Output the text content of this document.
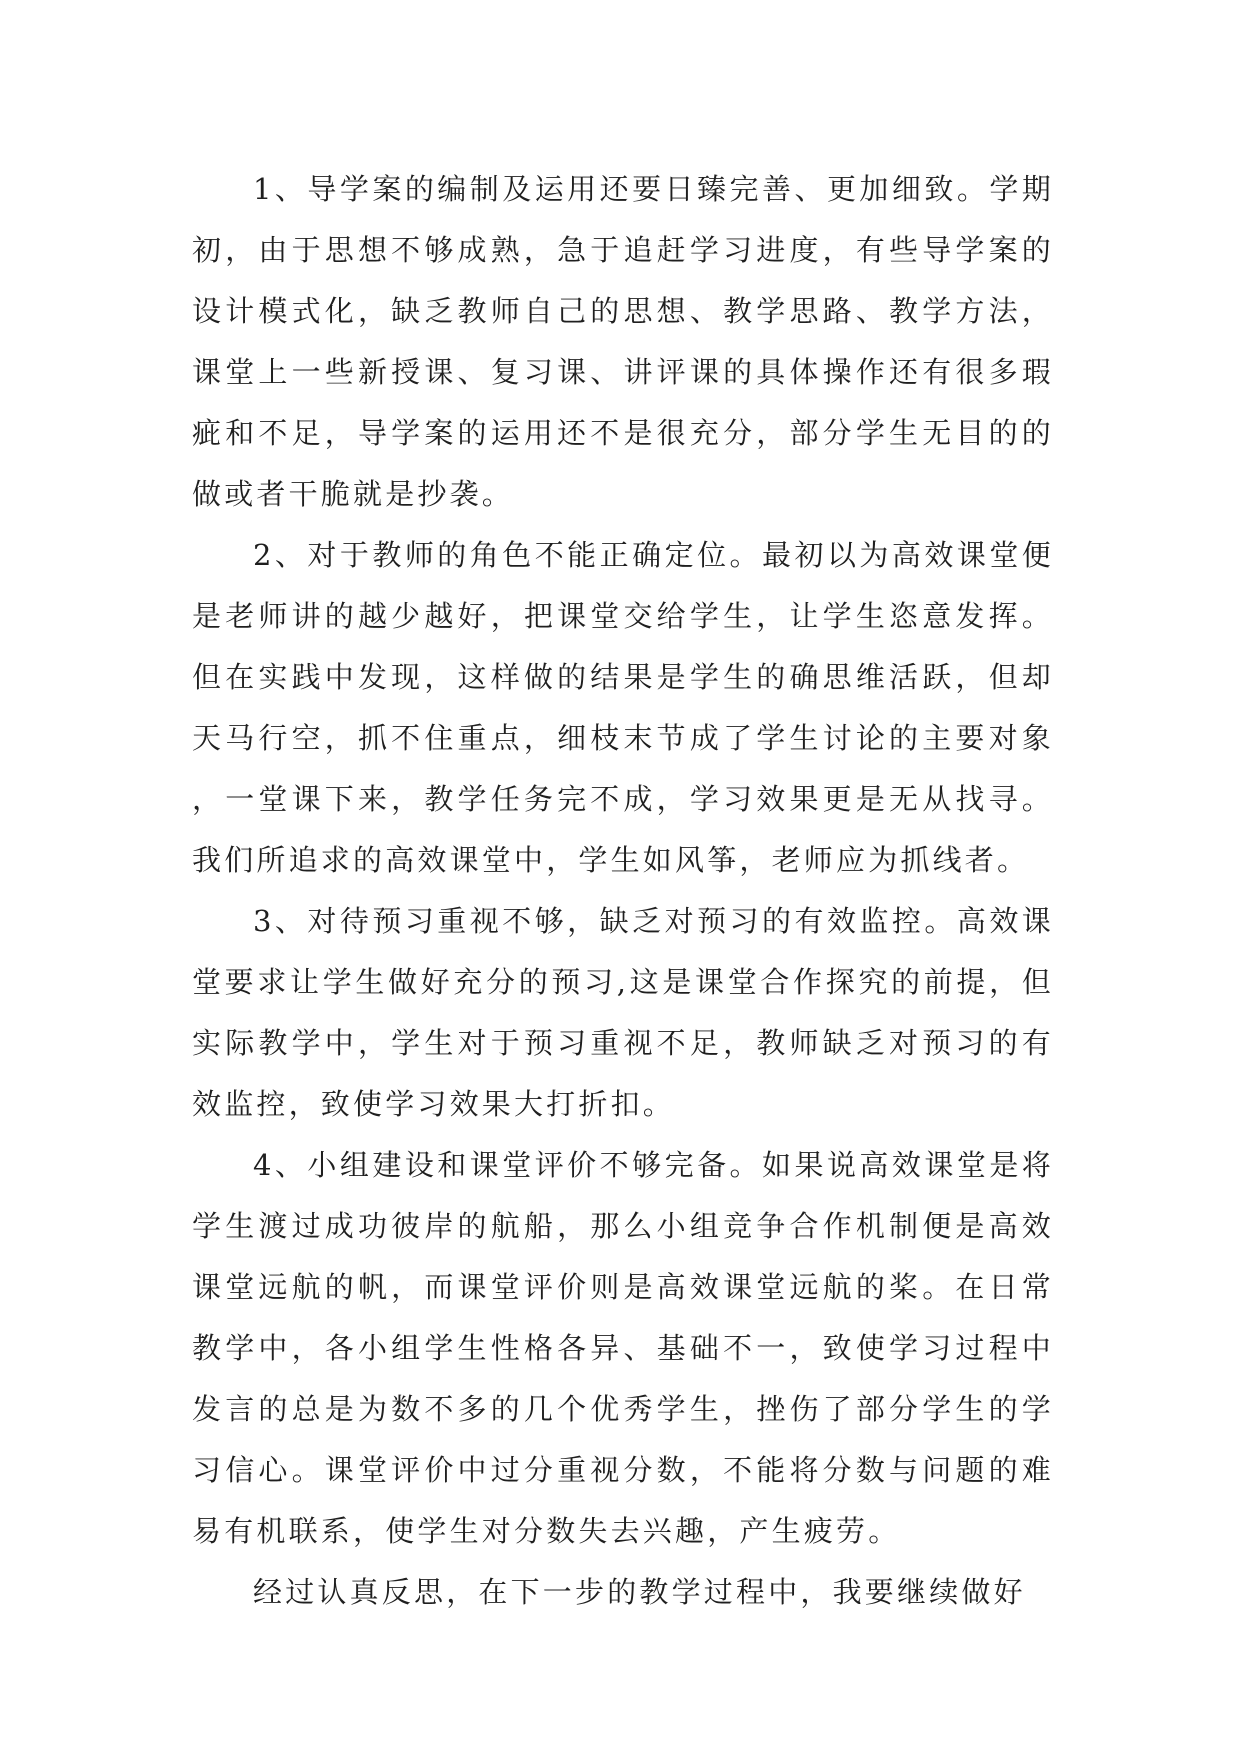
1、导学案的编制及运用还要日臻完善、更加细致。学期初，由于思想不够成熟，急于追赶学习进度，有些导学案的设计模式化，缺乏教师自己的思想、教学思路、教学方法，课堂上一些新授课、复习课、讲评课的具体操作还有很多瑕疵和不足，导学案的运用还不是很充分，部分学生无目的的做或者干脆就是抄袭。

2、对于教师的角色不能正确定位。最初以为高效课堂便是老师讲的越少越好，把课堂交给学生，让学生恣意发挥。但在实践中发现，这样做的结果是学生的确思维活跃，但却天马行空，抓不住重点，细枝末节成了学生讨论的主要对象，一堂课下来，教学任务完不成，学习效果更是无从找寻。我们所追求的高效课堂中，学生如风筝，老师应为抓线者。

3、对待预习重视不够，缺乏对预习的有效监控。高效课堂要求让学生做好充分的预习,这是课堂合作探究的前提，但实际教学中，学生对于预习重视不足，教师缺乏对预习的有效监控，致使学习效果大打折扣。

4、小组建设和课堂评价不够完备。如果说高效课堂是将学生渡过成功彼岸的航船，那么小组竞争合作机制便是高效课堂远航的帆，而课堂评价则是高效课堂远航的桨。在日常教学中，各小组学生性格各异、基础不一，致使学习过程中发言的总是为数不多的几个优秀学生，挫伤了部分学生的学习信心。课堂评价中过分重视分数，不能将分数与问题的难易有机联系，使学生对分数失去兴趣，产生疲劳。

经过认真反思，在下一步的教学过程中，我要继续做好
